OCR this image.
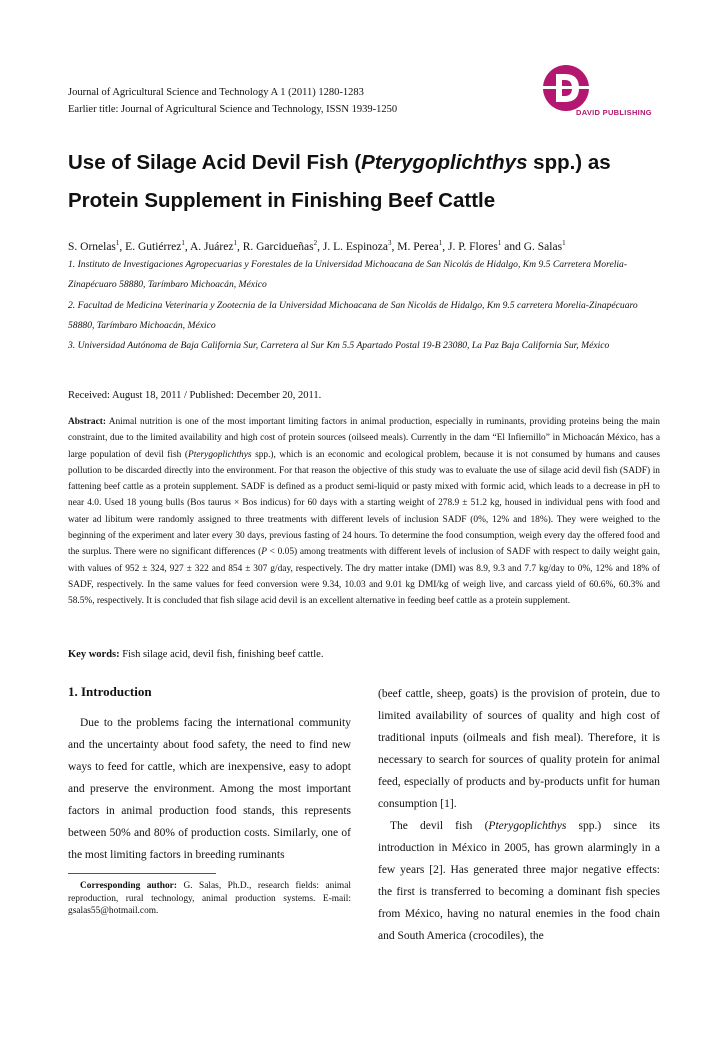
Journal of Agricultural Science and Technology A 1 (2011) 1280-1283
Earlier title: Journal of Agricultural Science and Technology, ISSN 1939-1250	DAVID PUBLISHING
Use of Silage Acid Devil Fish (Pterygoplichthys spp.) as Protein Supplement in Finishing Beef Cattle
S. Ornelas$^1$, E. Gutiérrez$^1$, A. Juárez$^1$, R. Garcidueñas$^2$, J. L. Espinoza$^3$, M. Perea$^1$, J. P. Flores$^1$ and G. Salas$^1$
1. Instituto de Investigaciones Agropecuarias y Forestales de la Universidad Michoacana de San Nicolás de Hidalgo, Km 9.5 Carretera Morelia-Zinapécuaro 58880, Tarímbaro Michoacán, México
2. Facultad de Medicina Veterinaria y Zootecnia de la Universidad Michoacana de San Nicolás de Hidalgo, Km 9.5 carretera Morelia-Zinapécuaro 58880, Tarímbaro Michoacán, México
3. Universidad Autónoma de Baja California Sur, Carretera al Sur Km 5.5 Apartado Postal 19-B 23080, La Paz Baja California Sur, México
Received: August 18, 2011 / Published: December 20, 2011.
Abstract: Animal nutrition is one of the most important limiting factors in animal production, especially in ruminants, providing proteins being the main constraint, due to the limited availability and high cost of protein sources (oilseed meals). Currently in the dam “El Infiernillo” in Michoacán México, has a large population of devil fish (Pterygoplichthys spp.), which is an economic and ecological problem, because it is not consumed by humans and causes pollution to be discarded directly into the environment. For that reason the objective of this study was to evaluate the use of silage acid devil fish (SADF) in fattening beef cattle as a protein supplement. SADF is defined as a product semi-liquid or pasty mixed with formic acid, which leads to a decrease in pH to near 4.0. Used 18 young bulls (Bos taurus × Bos indicus) for 60 days with a starting weight of 278.9 ± 51.2 kg, housed in individual pens with food and water ad libitum were randomly assigned to three treatments with different levels of inclusion SADF (0%, 12% and 18%). They were weighed to the beginning of the experiment and later every 30 days, previous fasting of 24 hours. To determine the food consumption, weigh every day the offered food and the surplus. There were no significant differences (P < 0.05) among treatments with different levels of inclusion of SADF with respect to daily weight gain, with values of 952 ± 324, 927 ± 322 and 854 ± 307 g/day, respectively. The dry matter intake (DMI) was 8.9, 9.3 and 7.7 kg/day to 0%, 12% and 18% of SADF, respectively. In the same values for feed conversion were 9.34, 10.03 and 9.01 kg DMI/kg of weigh live, and carcass yield of 60.6%, 60.3% and 58.5%, respectively. It is concluded that fish silage acid devil is an excellent alternative in feeding beef cattle as a protein supplement.
Key words: Fish silage acid, devil fish, finishing beef cattle.
1. Introduction
Due to the problems facing the international community and the uncertainty about food safety, the need to find new ways to feed for cattle, which are inexpensive, easy to adopt and preserve the environment. Among the most important factors in animal production food stands, this represents between 50% and 80% of production costs. Similarly, one of the most limiting factors in breeding ruminants
(beef cattle, sheep, goats) is the provision of protein, due to limited availability of sources of quality and high cost of traditional inputs (oilmeals and fish meal). Therefore, it is necessary to search for sources of quality protein for animal feed, especially of products and by-products unfit for human consumption [1].
The devil fish (Pterygoplichthys spp.) since its introduction in México in 2005, has grown alarmingly in a few years [2]. Has generated three major negative effects: the first is transferred to becoming a dominant fish species from México, having no natural enemies in the food chain and South America (crocodiles), the
Corresponding author: G. Salas, Ph.D., research fields: animal reproduction, rural technology, animal production systems. E-mail: gsalas55@hotmail.com.
